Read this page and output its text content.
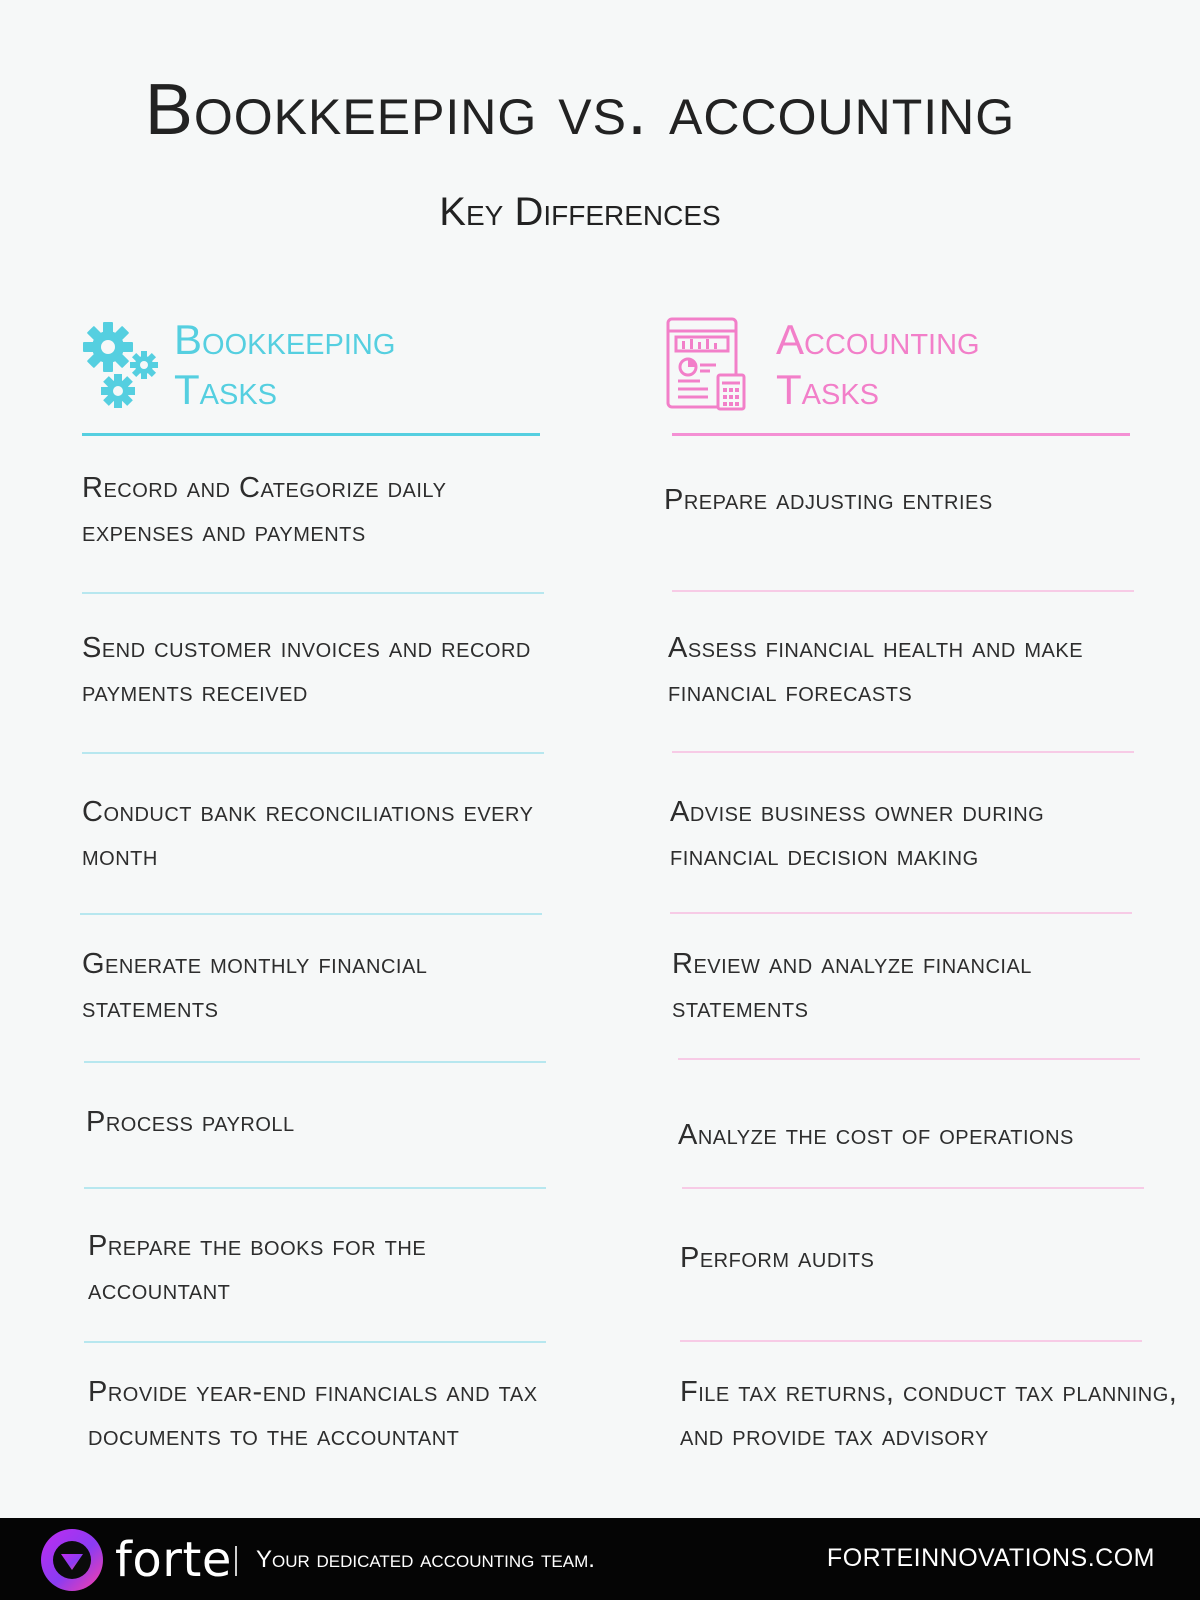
Bookkeeping vs. accounting
Key Differences
Bookkeeping
Tasks
Accounting
Tasks
Record and Categorize daily expenses and payments
Send customer invoices and record payments received
Conduct bank reconciliations every month
Generate monthly financial statements
Process payroll
Prepare the books for the accountant
Provide year-end financials and tax documents to the accountant
Prepare adjusting entries
Assess financial health and make financial forecasts
Advise business owner during financial decision making
Review and analyze financial statements
Analyze the cost of operations
Perform audits
File tax returns, conduct tax planning, and provide tax advisory
forte Your dedicated accounting team.	FORTEINNOVATIONS.COM
